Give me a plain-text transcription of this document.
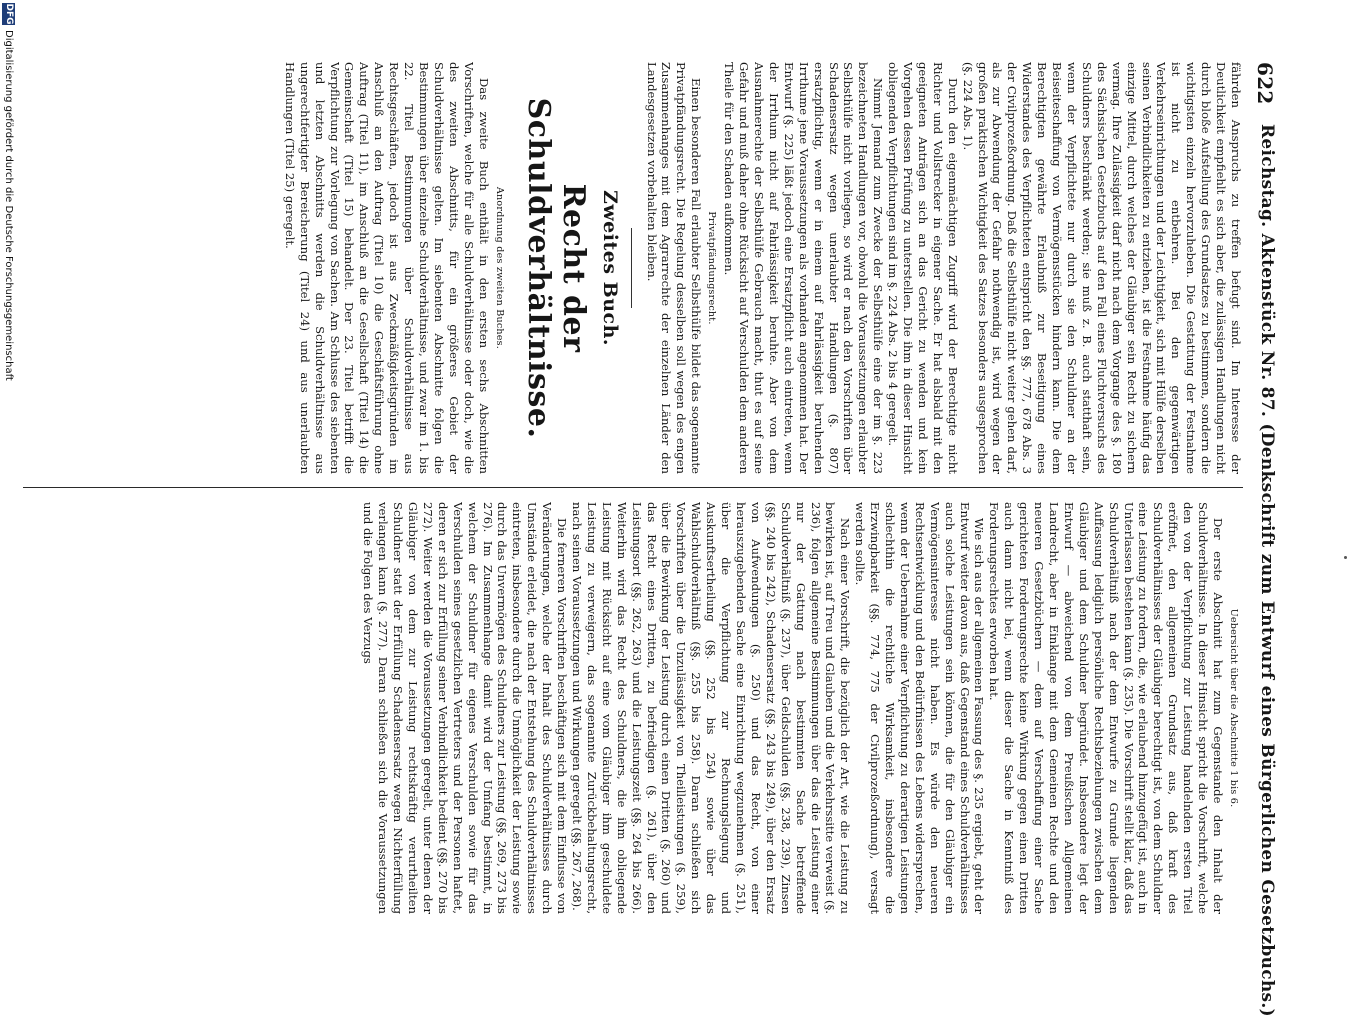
622
Reichstag. Aktenstück Nr. 87. (Denkschrift zum Entwurf eines Bürgerlichen Gesetzbuchs.)

fährden Anspruchs zu treffen befugt sind. Im Interesse der Deutlichkeit empfiehlt es sich aber, die zulässigen Handlungen nicht durch bloße Aufstellung des Grundsatzes zu bestimmen, sondern die wichtigsten einzeln hervorzuheben. Die Gestattung der Festnahme ist nicht zu entbehren. Bei den gegenwärtigen Verkehrseinrichtungen und der Leichtigkeit, sich mit Hülfe derselben seinen Verbindlichkeiten zu entziehen, ist die Festnahme häufig das einzige Mittel, durch welches der Gläubiger sein Recht zu sichern vermag. Ihre Zulässigkeit darf nicht nach dem Vorgange des §. 180 des Sächsischen Gesetzbuchs auf den Fall eines Fluchtversuchs des Schuldners beschränkt werden; sie muß z. B. auch statthaft sein, wenn der Verpflichtete nur durch sie den Schuldner an der Beiseiteschaffung von Vermögensstücken hindern kann. Die dem Berechtigten gewährte Erlaubniß zur Beseitigung eines Widerstandes des Verpflichteten entspricht den §§. 777, 678 Abs. 3 der Civilprozeßordnung. Daß die Selbsthülfe nicht weiter gehen darf, als zur Abwendung der Gefahr nothwendig ist, wird wegen der großen praktischen Wichtigkeit des Satzes besonders ausgesprochen (§. 224 Abs. 1).

Durch den eigenmächtigen Zugriff wird der Berechtigte nicht Richter und Vollstrecker in eigener Sache. Er hat alsbald mit den geeigneten Anträgen sich an das Gericht zu wenden und kein Vorgehen dessen Prüfung zu unterstellen. Die ihm in dieser Hinsicht obliegenden Verpflichtungen sind im §. 224 Abs. 2 bis 4 geregelt.

Nimmt Jemand zum Zwecke der Selbsthülfe eine der im §. 223 bezeichneten Handlungen vor, obwohl die Voraussetzungen erlaubter Selbsthülfe nicht vorliegen, so wird er nach den Vorschriften über Schadensersatz wegen unerlaubter Handlungen (§. 807) ersatzpflichtig, wenn er in einem auf Fahrlässigkeit beruhenden Irrthume jene Voraussetzungen als vorhanden angenommen hat. Der Entwurf (§. 225) läßt jedoch eine Ersatzpflicht auch eintreten, wenn der Irrthum nicht auf Fahrlässigkeit beruhte. Aber von dem Ausnahmerechte der Selbsthülfe Gebrauch macht, thut es auf seine Gefahr und muß daher ohne Rücksicht auf Verschulden dem anderen Theile für den Schaden aufkommen.

Privatpfändungsrecht.

Einen besonderen Fall erlaubter Selbsthülfe bildet das sogenannte Privatpfändungsrecht. Die Regelung desselben soll wegen des engen Zusammenhanges mit dem Agrarrechte der einzelnen Länder den Landesgesetzen vorbehalten bleiben.

Zweites Buch.
Recht der Schuldverhältnisse.
Anordnung des zweiten Buches.

Das zweite Buch enthält in den ersten sechs Abschnitten Vorschriften, welche für alle Schuldverhältnisse oder doch, wie die des zweiten Abschnitts, für ein größeres Gebiet der Schuldverhältnisse gelten. Im siebenten Abschnitte folgen die Bestimmungen über einzelne Schuldverhältnisse, und zwar im 1. bis 22. Titel Bestimmungen über Schuldverhältnisse aus Rechtsgeschäften, jedoch ist aus Zweckmäßigkeitsgründen im Anschluß an den Auftrag (Titel 10) die Geschäftsführung ohne Auftrag (Titel 11), im Anschluß an die Gesellschaft (Titel 14) die Gemeinschaft (Titel 15) behandelt. Der 23. Titel betrifft die Verpflichtung zur Vorlegung von Sachen. Am Schlusse des siebenten und letzten Abschnitts werden die Schuldverhältnisse aus ungerechtfertigter Bereicherung (Titel 24) und aus unerlaubten Handlungen (Titel 25) geregelt.

Uebersicht über die Abschnitte 1 bis 6.

Der erste Abschnitt hat zum Gegenstande den Inhalt der Schuldverhältnisse. In dieser Hinsicht spricht die Vorschrift, welche den von der Verpflichtung zur Leistung handelnden ersten Titel eröffnet, den allgemeinen Grundsatz aus, daß kraft des Schuldverhältnisses der Gläubiger berechtigt ist, von dem Schuldner eine Leistung zu fordern, die, wie erlaubend hinzugefügt ist, auch in Unterlassen bestehen kann (§. 235). Die Vorschrift stellt klar, daß das Schuldverhältniß nach der dem Entwurfe zu Grunde liegenden Auffassung lediglich persönliche Rechtsbeziehungen zwischen dem Gläubiger und dem Schuldner begründet. Insbesondere legt der Entwurf — abweichend von dem Preußischen Allgemeinen Landrecht, aber in Einklange mit dem Gemeinen Rechte und den neueren Gesetzbüchern — dem auf Verschaffung einer Sache gerichteten Forderungsrechte keine Wirkung gegen einen Dritten auch dann nicht bei, wenn dieser die Sache in Kenntniß des Forderungsrechtes erworben hat.

Wie sich aus der allgemeinen Fassung des §. 235 ergiebt, geht der Entwurf weiter davon aus, daß Gegenstand eines Schuldverhältnisses auch solche Leistungen sein können, die für den Gläubiger ein Vermögensinteresse nicht haben. Es würde den neueren Rechtsentwicklung und den Bedürfnissen des Lebens widersprechen, wenn der Uebernahme einer Verpflichtung zu derartigen Leistungen schlechthin die rechtliche Wirksamkeit, insbesondere die Erzwingbarkeit (§§. 774, 775 der Civilprozeßordnung), versagt werden sollte.

Nach einer Vorschrift, die bezüglich der Art, wie die Leistung zu bewirken ist, auf Treu und Glauben und die Verkehrssitte verweist (§. 236), folgen allgemeine Bestimmungen über das die Leistung einer nur der Gattung nach bestimmten Sache betreffende Schuldverhältniß (§. 237), über Geldschulden (§§. 238, 239), Zinsen (§§. 240 bis 242), Schadensersatz (§§. 243 bis 249), über den Ersatz von Aufwendungen (§. 250) und das Recht, von einer herauszugebenden Sache eine Einrichtung wegzunehmen (§. 251), über die Verpflichtung zur Rechnungslegung und Auskunftsertheilung (§§. 252 bis 254) sowie über das Wahlschuldverhältniß (§§. 255 bis 258). Daran schließen sich Vorschriften über die Unzulässigkeit von Theilleistungen (§. 259), über die Bewirkung der Leistung durch einen Dritten (§. 260) und das Recht eines Dritten, zu befriedigen (§. 261), über den Leistungsort (§§. 262, 263) und die Leistungszeit (§§. 264 bis 266). Weiterhin wird das Recht des Schuldners, die ihm obliegende Leistung mit Rücksicht auf eine vom Gläubiger ihm geschuldete Leistung zu verweigern, das sogenannte Zurückbehaltungsrecht, nach seinen Voraussetzungen und Wirkungen geregelt (§§. 267, 268).

Die ferneren Vorschriften beschäftigen sich mit dem Einflusse von Veränderungen, welche der Inhalt des Schuldverhältnisses durch Umstände erleidet, die nach der Entstehung des Schuldverhältnisses eintreten, insbesondere durch die Unmöglichkeit der Leistung sowie durch das Unvermögen des Schuldners zur Leistung (§§. 269, 273 bis 276). Im Zusammenhange damit wird der Umfang bestimmt, in welchem der Schuldner für eigenes Verschulden sowie für das Verschulden seines gesetzlichen Vertreters und der Personen haftet, deren er sich zur Erfüllung seiner Verbindlichkeit bedient (§§. 270 bis 272). Weiter werden die Voraussetzungen geregelt, unter denen der Gläubiger von dem zur Leistung rechtskräftig verurtheilten Schuldner statt der Erfüllung Schadensersatz wegen Nichterfüllung verlangen kann (§. 277). Daran schließen sich die Voraussetzungen und die Folgen des Verzugs

DFG
Digitalisierung gefördert durch die Deutsche Forschungsgemeinschaft
